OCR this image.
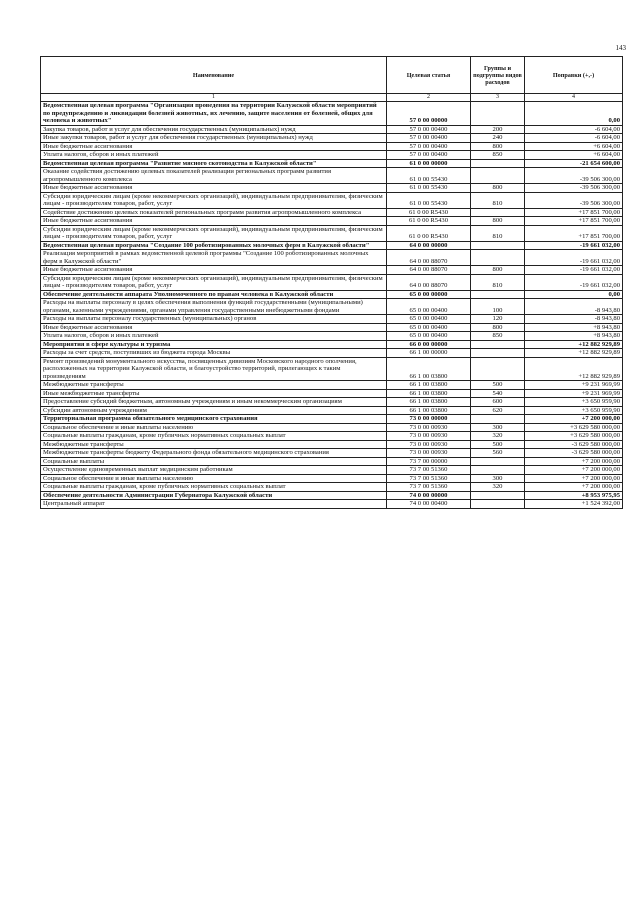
143
Наименование	Целевая статья	Группы и подгруппы видов расходов	Поправки (+,-)
1	2	3	4
Ведомственная целевая программа "Организация проведения на территории Калужской области мероприятий по предупреждению и ликвидации болезней животных, их лечению, защите населения от болезней, общих для человека и животных"	57 0 00 00000		0,00
Закупка товаров, работ и услуг для обеспечения государственных (муниципальных) нужд	57 0 00 00400	200	-6 604,00
Иные закупки товаров, работ и услуг для обеспечения государственных (муниципальных) нужд	57 0 00 00400	240	-6 604,00
Иные бюджетные ассигнования	57 0 00 00400	800	+6 604,00
Уплата налогов, сборов и иных платежей	57 0 00 00400	850	+6 604,00
Ведомственная целевая программа "Развитие мясного скотоводства в Калужской области"	61 0 00 00000		-21 654 600,00
Оказание содействия достижению целевых показателей реализации региональных программ развития агропромышленного комплекса	61 0 00 55430		-39 506 300,00
Иные бюджетные ассигнования	61 0 00 55430	800	-39 506 300,00
Субсидии юридическим лицам (кроме некоммерческих организаций), индивидуальным предпринимателям, физическим лицам - производителям товаров, работ, услуг	61 0 00 55430	810	-39 506 300,00
Содействие достижению целевых показателей региональных программ развития агропромышленного комплекса	61 0 00 R5430		+17 851 700,00
Иные бюджетные ассигнования	61 0 00 R5430	800	+17 851 700,00
Субсидии юридическим лицам (кроме некоммерческих организаций), индивидуальным предпринимателям, физическим лицам - производителям товаров, работ, услуг	61 0 00 R5430	810	+17 851 700,00
Ведомственная целевая программа "Создание 100 роботизированных молочных ферм в Калужской области"	64 0 00 00000		-19 661 032,00
Реализация мероприятий в рамках ведомственной целевой программы "Создание 100 роботизированных молочных ферм в Калужской области"	64 0 00 88070		-19 661 032,00
Иные бюджетные ассигнования	64 0 00 88070	800	-19 661 032,00
Субсидии юридическим лицам (кроме некоммерческих организаций), индивидуальным предпринимателям, физическим лицам - производителям товаров, работ, услуг	64 0 00 88070	810	-19 661 032,00
Обеспечение деятельности аппарата Уполномоченного по правам человека в Калужской области	65 0 00 00000		0,00
Расходы на выплаты персоналу в целях обеспечения выполнения функций государственными (муниципальными) органами, казенными учреждениями, органами управления государственными внебюджетными фондами	65 0 00 00400	100	-8 943,80
Расходы на выплаты персоналу государственных (муниципальных) органов	65 0 00 00400	120	-8 943,80
Иные бюджетные ассигнования	65 0 00 00400	800	+8 943,80
Уплата налогов, сборов и иных платежей	65 0 00 00400	850	+8 943,80
Мероприятия в сфере культуры и туризма	66 0 00 00000		+12 882 929,89
Расходы за счет средств, поступивших из бюджета города Москвы	66 1 00 00000		+12 882 929,89
Ремонт произведений монументального искусства, посвященных дивизиям Московского народного ополчения, расположенных на территории Калужской области, и благоустройство территорий, прилегающих к таким произведениям	66 1 00 03800		+12 882 929,89
Межбюджетные трансферты	66 1 00 03800	500	+9 231 969,99
Иные межбюджетные трансферты	66 1 00 03800	540	+9 231 969,99
Предоставление субсидий бюджетным, автономным учреждениям и иным некоммерческим организациям	66 1 00 03800	600	+3 650 959,90
Субсидии автономным учреждениям	66 1 00 03800	620	+3 650 959,90
Территориальная программа обязательного медицинского страхования	73 0 00 00000		+7 200 000,00
Социальное обеспечение и иные выплаты населению	73 0 00 00930	300	+3 629 580 000,00
Социальные выплаты гражданам, кроме публичных нормативных социальных выплат	73 0 00 00930	320	+3 629 580 000,00
Межбюджетные трансферты	73 0 00 00930	500	-3 629 580 000,00
Межбюджетные трансферты бюджету Федерального фонда обязательного медицинского страхования	73 0 00 00930	560	-3 629 580 000,00
Социальные выплаты	73 7 00 00000		+7 200 000,00
Осуществление единовременных выплат медицинским работникам	73 7 00 51360		+7 200 000,00
Социальное обеспечение и иные выплаты населению	73 7 00 51360	300	+7 200 000,00
Социальные выплаты гражданам, кроме публичных нормативных социальных выплат	73 7 00 51360	320	+7 200 000,00
Обеспечение деятельности Администрации Губернатора Калужской области	74 0 00 00000		+8 953 975,95
Центральный аппарат	74 0 00 00400		+1 524 392,00
